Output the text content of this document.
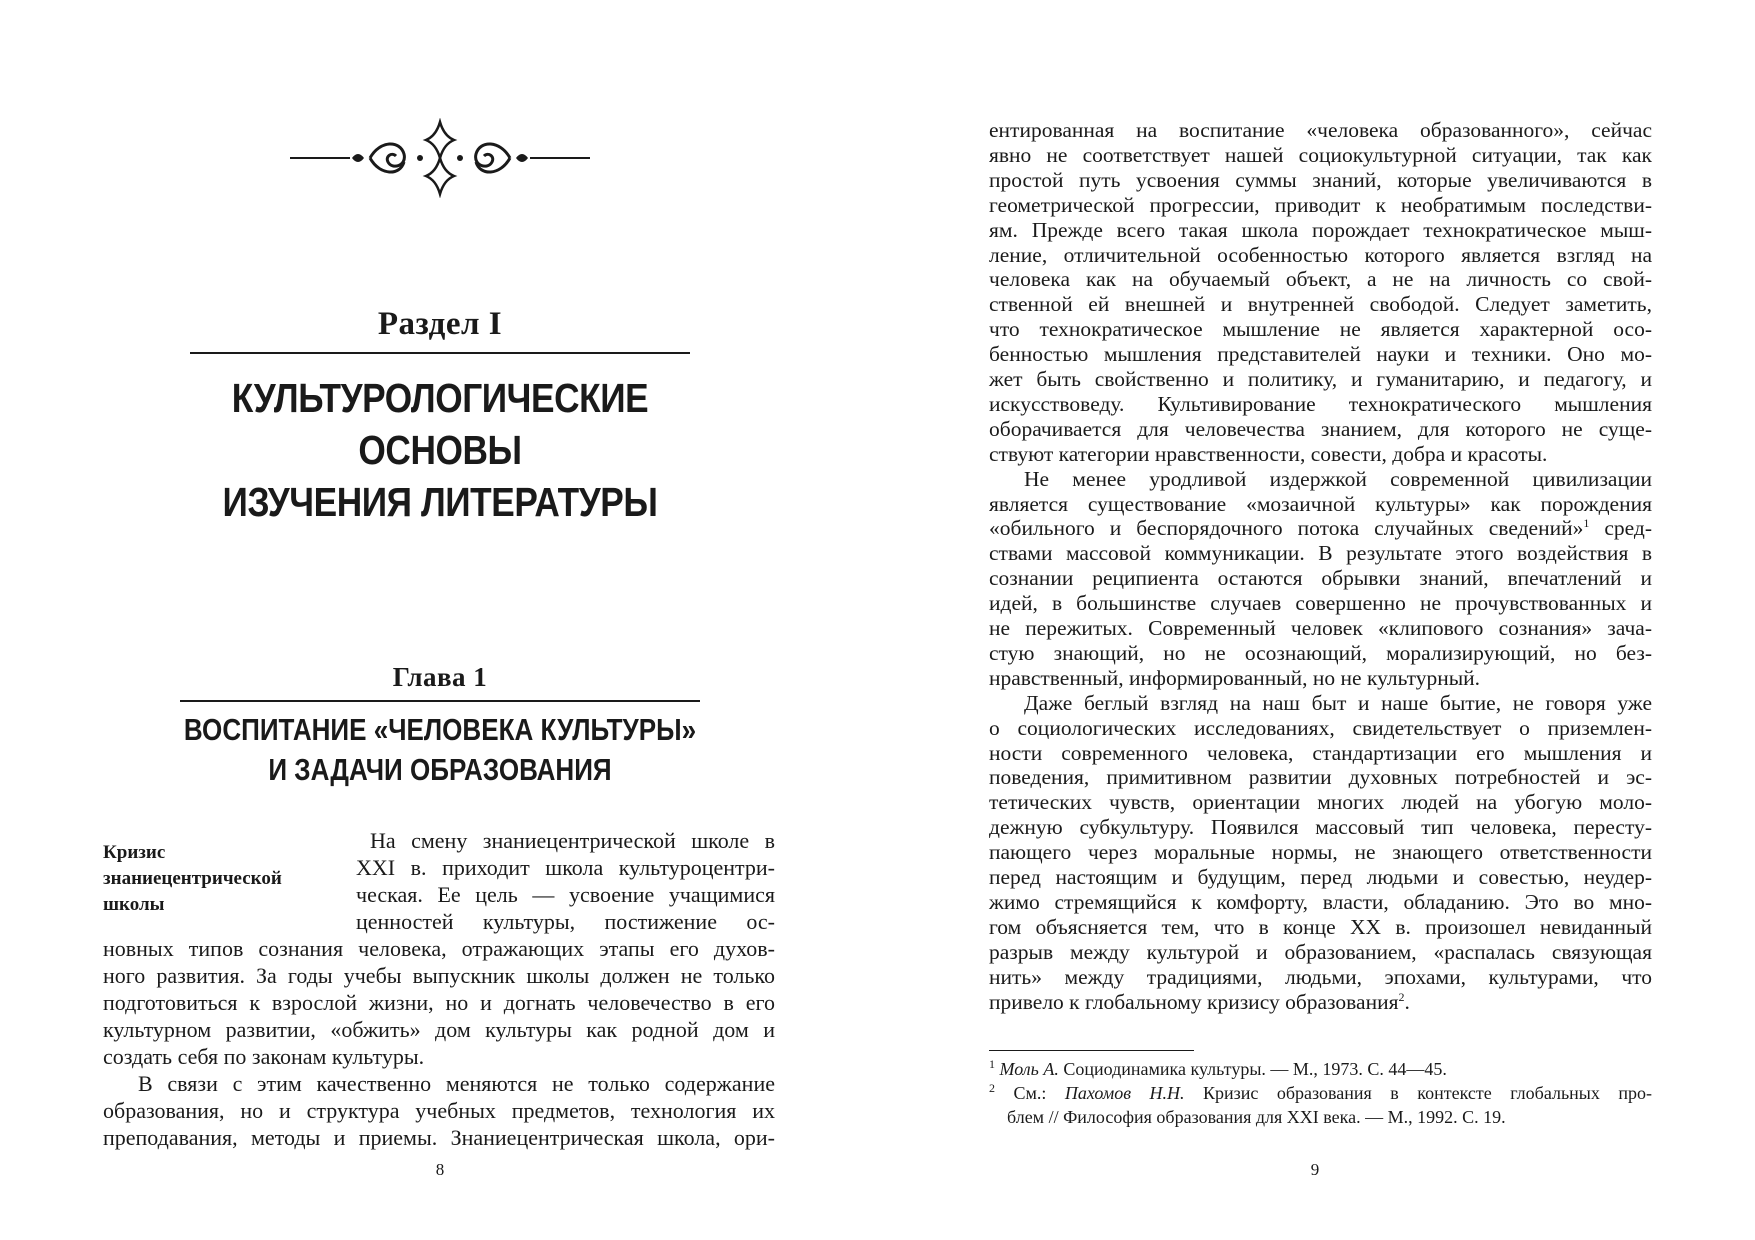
Раздел I
КУЛЬТУРОЛОГИЧЕСКИЕ
ОСНОВЫ
ИЗУЧЕНИЯ ЛИТЕРАТУРЫ
Глава 1
ВОСПИТАНИЕ «ЧЕЛОВЕКА КУЛЬТУРЫ»
И ЗАДАЧИ ОБРАЗОВАНИЯ
Кризис
знаниецентрической
школы
На смену знаниецентрической школе в
XXI в. приходит школа культуроцентри-
ческая. Ее цель — усвоение учащимися
ценностей культуры, постижение ос-
новных типов сознания человека, отражающих этапы его духов-
ного развития. За годы учебы выпускник школы должен не только
подготовиться к взрослой жизни, но и догнать человечество в его
культурном развитии, «обжить» дом культуры как родной дом и
создать себя по законам культуры.
В связи с этим качественно меняются не только содержание
образования, но и структура учебных предметов, технология их
преподавания, методы и приемы. Знаниецентрическая школа, ори-
8
ентированная на воспитание «человека образованного», сейчас
явно не соответствует нашей социокультурной ситуации, так как
простой путь усвоения суммы знаний, которые увеличиваются в
геометрической прогрессии, приводит к необратимым последстви-
ям. Прежде всего такая школа порождает технократическое мыш-
ление, отличительной особенностью которого является взгляд на
человека как на обучаемый объект, а не на личность со свой-
ственной ей внешней и внутренней свободой. Следует заметить,
что технократическое мышление не является характерной осо-
бенностью мышления представителей науки и техники. Оно мо-
жет быть свойственно и политику, и гуманитарию, и педагогу, и
искусствоведу. Культивирование технократического мышления
оборачивается для человечества знанием, для которого не суще-
ствуют категории нравственности, совести, добра и красоты.
Не менее уродливой издержкой современной цивилизации
является существование «мозаичной культуры» как порождения
«обильного и беспорядочного потока случайных сведений»$^1$ сред-
ствами массовой коммуникации. В результате этого воздействия в
сознании реципиента остаются обрывки знаний, впечатлений и
идей, в большинстве случаев совершенно не прочувствованных и
не пережитых. Современный человек «клипового сознания» зача-
стую знающий, но не осознающий, морализирующий, но без-
нравственный, информированный, но не культурный.
Даже беглый взгляд на наш быт и наше бытие, не говоря уже
о социологических исследованиях, свидетельствует о приземлен-
ности современного человека, стандартизации его мышления и
поведения, примитивном развитии духовных потребностей и эс-
тетических чувств, ориентации многих людей на убогую моло-
дежную субкультуру. Появился массовый тип человека, пересту-
пающего через моральные нормы, не знающего ответственности
перед настоящим и будущим, перед людьми и совестью, неудер-
жимо стремящийся к комфорту, власти, обладанию. Это во мно-
гом объясняется тем, что в конце XX в. произошел невиданный
разрыв между культурой и образованием, «распалась связующая
нить» между традициями, людьми, эпохами, культурами, что
привело к глобальному кризису образования$^2$.
$^1$ Моль А. Социодинамика культуры. — М., 1973. С. 44—45.
$^2$ См.: Пахомов Н.Н. Кризис образования в контексте глобальных про-
блем // Философия образования для XXI века. — М., 1992. С. 19.
9
